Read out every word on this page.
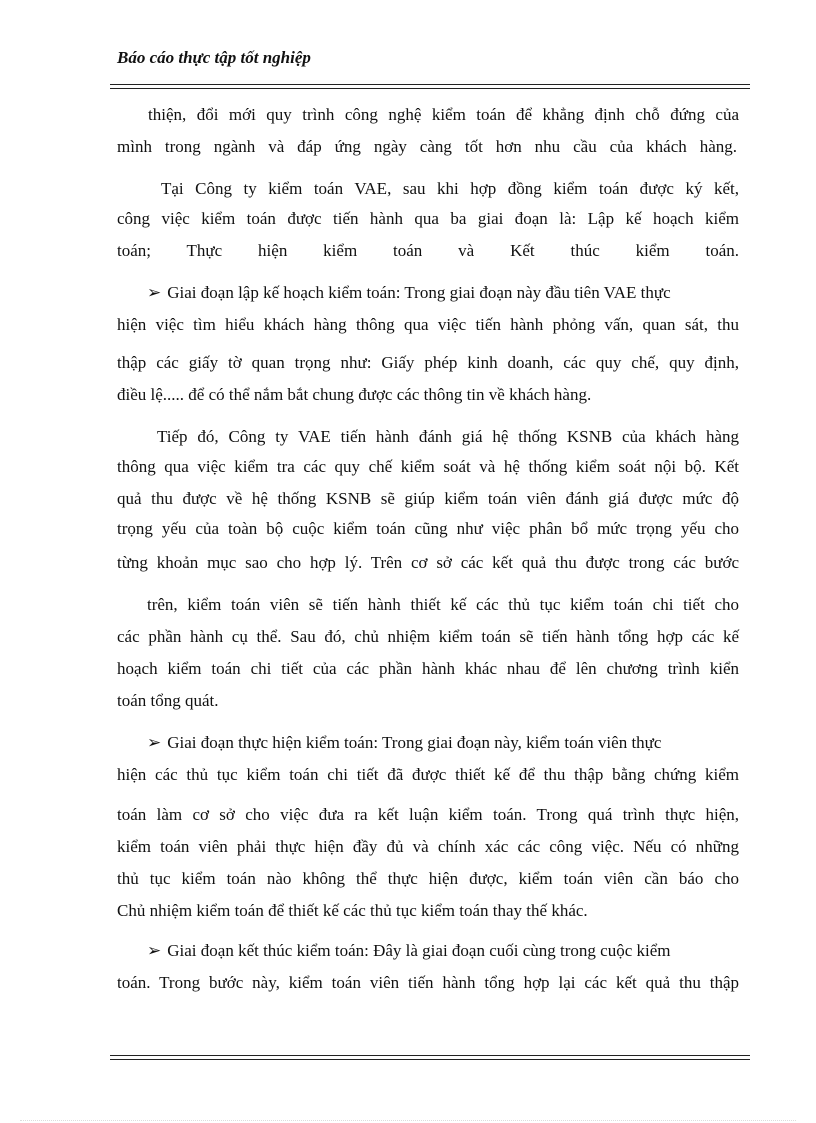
Báo cáo thực tập tốt nghiệp

thiện, đổi mới quy trình công nghệ kiểm toán để khẳng định chỗ đứng của

mình trong ngành và đáp ứng ngày càng tốt hơn nhu cầu của khách hàng.

Tại Công ty kiểm toán VAE, sau khi hợp đồng kiểm toán được ký kết,

công việc kiểm toán được tiến hành qua ba giai đoạn là: Lập kế hoạch kiểm

toán; Thực hiện kiểm toán và Kết thúc kiểm toán.

➢ Giai đoạn lập kế hoạch kiểm toán: Trong giai đoạn này đầu tiên VAE thực

hiện việc tìm hiểu khách hàng thông qua việc tiến hành phỏng vấn, quan sát, thu

thập các giấy tờ quan trọng như: Giấy phép kinh doanh, các quy chế, quy định,

điều lệ..... để có thể nắm bắt chung được các thông tin về khách hàng.

Tiếp đó, Công ty VAE tiến hành đánh giá hệ thống KSNB của khách hàng

thông qua việc kiểm tra các quy chế kiểm soát và hệ thống kiểm soát nội bộ. Kết

quả thu được về hệ thống KSNB sẽ giúp kiểm toán viên đánh giá được mức độ

trọng yếu của toàn bộ cuộc kiểm toán cũng như việc phân bổ mức trọng yếu cho

từng khoản mục sao cho hợp lý. Trên cơ sở các kết quả thu được trong các bước

trên, kiểm toán viên sẽ tiến hành thiết kế các thủ tục kiểm toán chi tiết cho

các phần hành cụ thể. Sau đó, chủ nhiệm kiểm toán sẽ tiến hành tổng hợp các kế

hoạch kiểm toán chi tiết của các phần hành khác nhau để lên chương trình kiển

toán tổng quát.

➢ Giai đoạn thực hiện kiểm toán: Trong giai đoạn này, kiểm toán viên thực

hiện các thủ tục kiểm toán chi tiết đã được thiết kế để thu thập bằng chứng kiểm

toán làm cơ sở cho việc đưa ra kết luận kiểm toán. Trong quá trình thực hiện,

kiểm toán viên phải thực hiện đầy đủ và chính xác các công việc. Nếu có những

thủ tục kiểm toán nào không thể thực hiện được, kiểm toán viên cần báo cho

Chủ nhiệm kiểm toán để thiết kế các thủ tục kiểm toán thay thế khác.

➢ Giai đoạn kết thúc kiểm toán: Đây là giai đoạn cuối cùng trong cuộc kiểm

toán. Trong bước này, kiểm toán viên tiến hành tổng hợp lại các kết quả thu thập
